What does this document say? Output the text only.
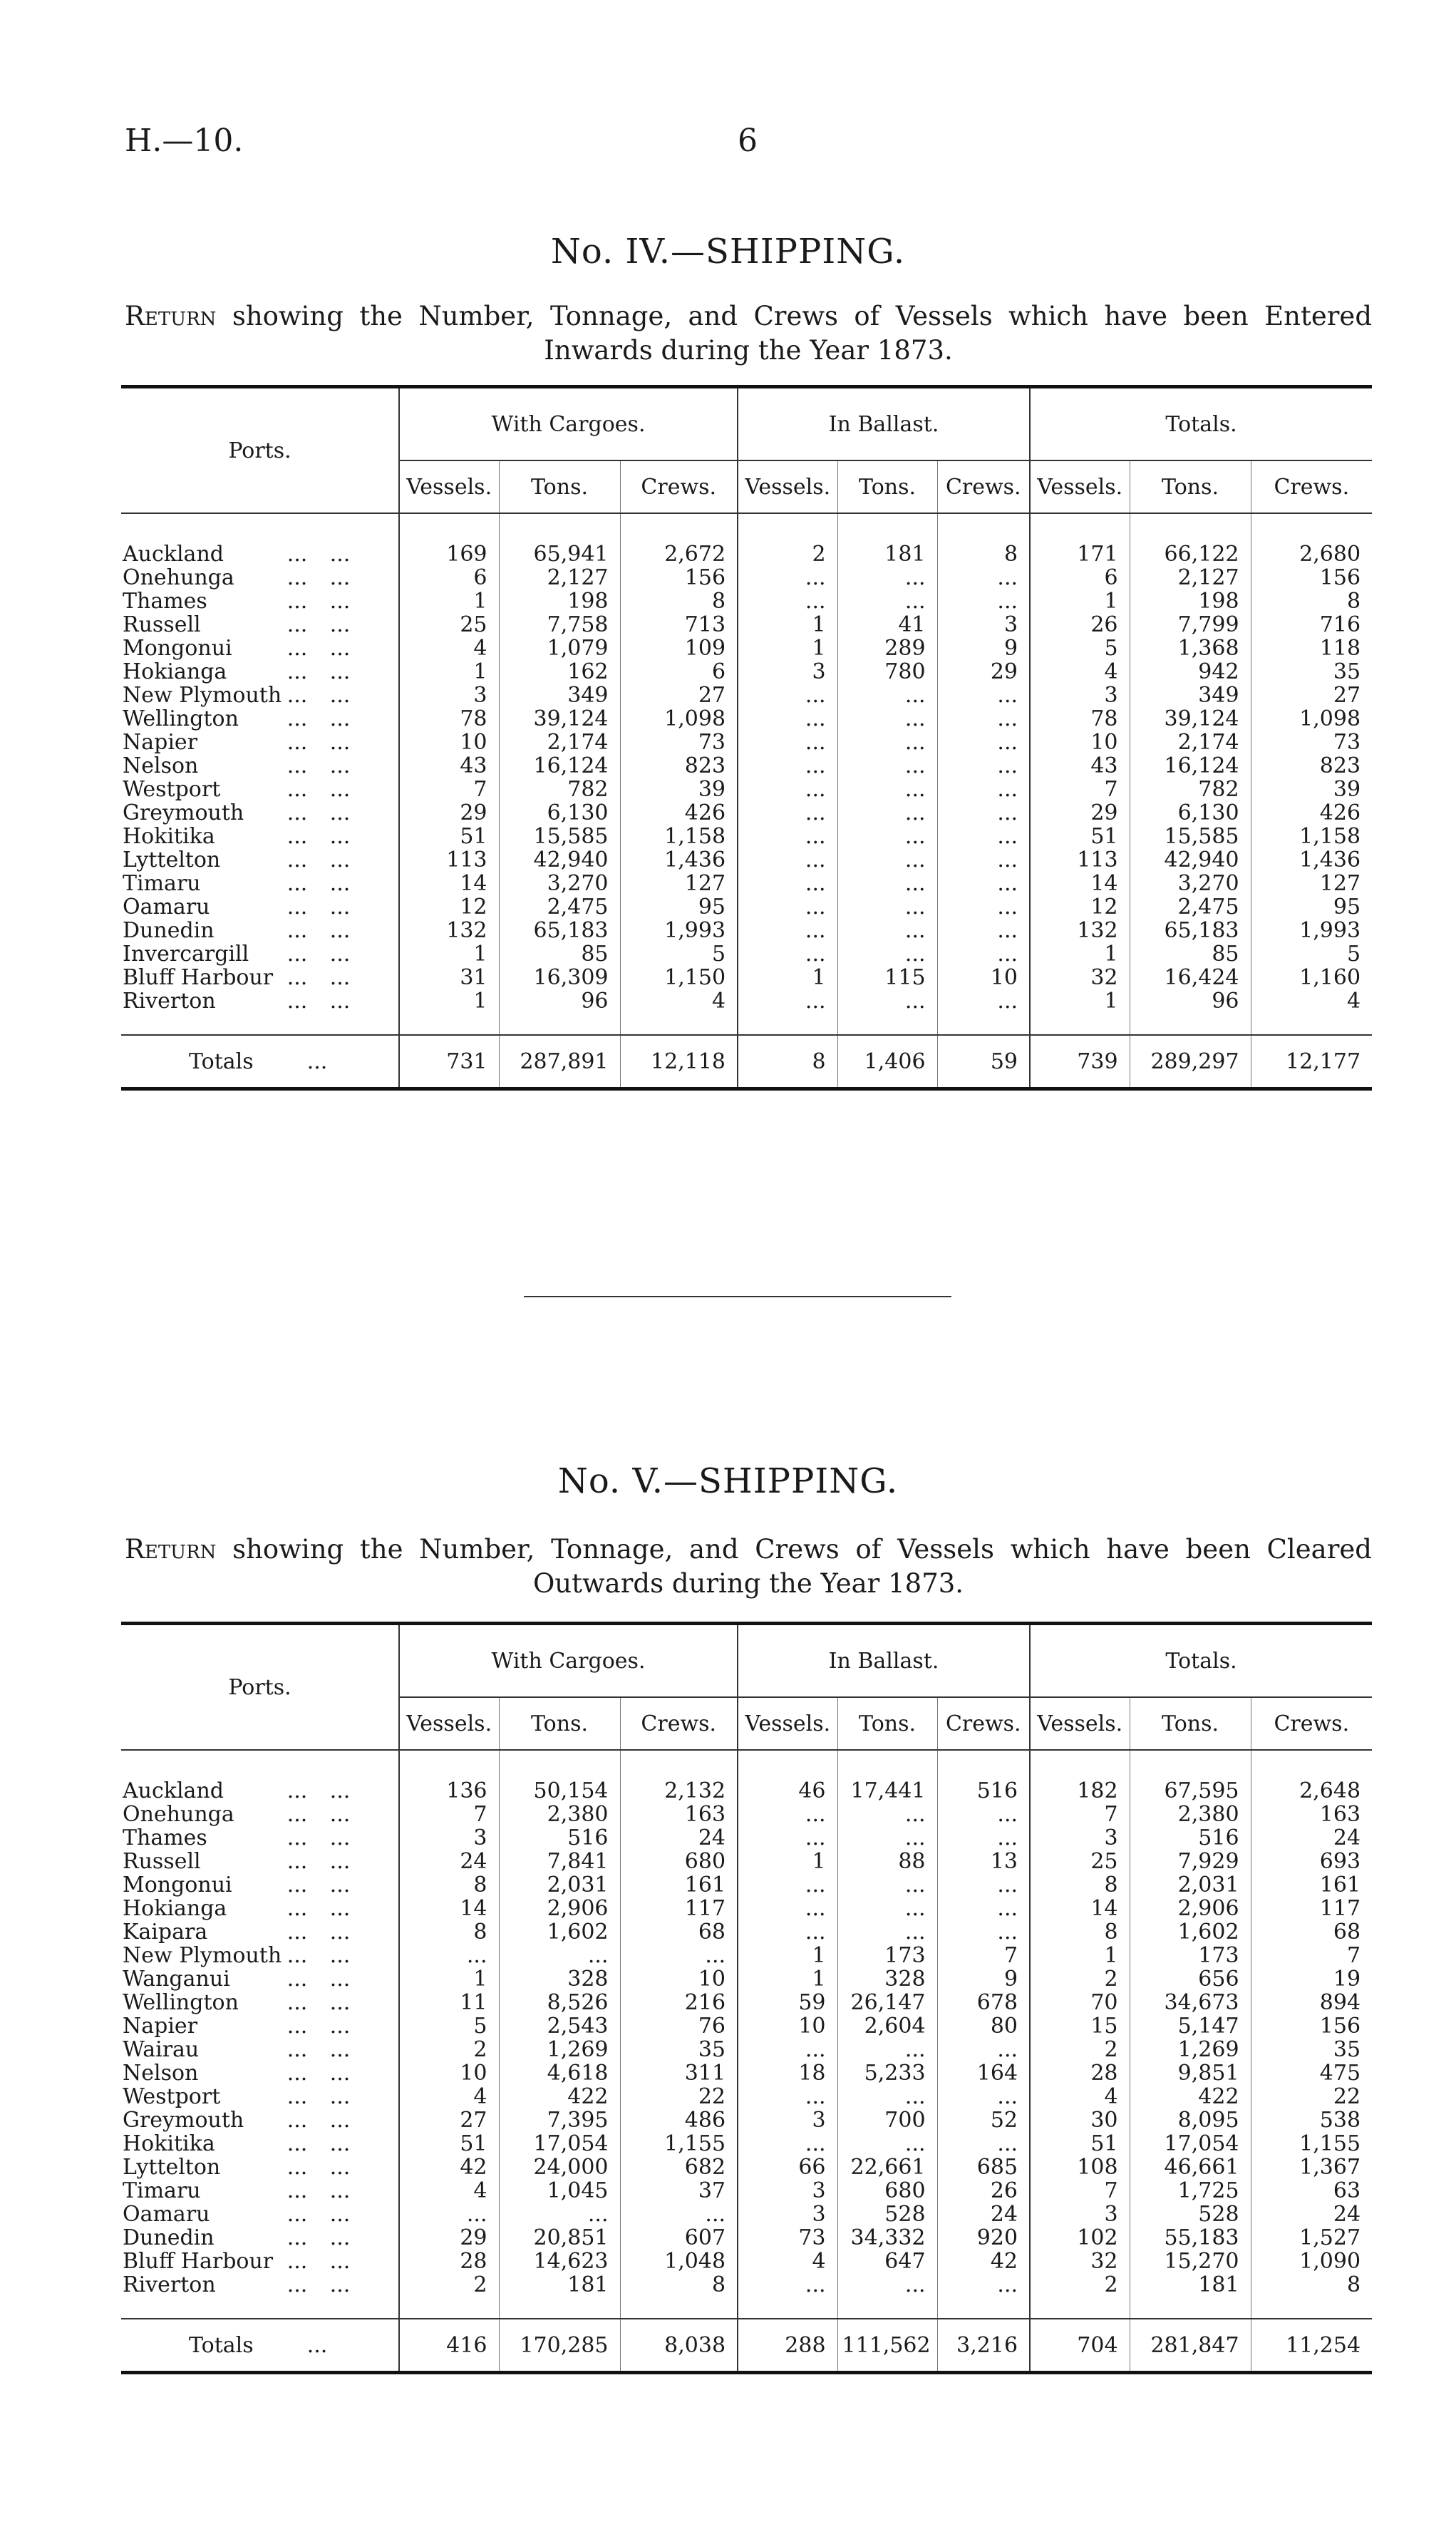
H.—10.	6
No. IV.—SHIPPING.
Return showing the Number, Tonnage, and Crews of Vessels which have been Entered Inwards during the Year 1873.
Ports.	With Cargoes.			In Ballast.			Totals.		
	Vessels.	Tons.	Crews.	Vessels.	Tons.	Crews.	Vessels.	Tons.	Crews.
Auckland ... ...	169	65,941	2,672	2	181	8	171	66,122	2,680
Onehunga ... ...	6	2,127	156	...	...	...	6	2,127	156
Thames ... ...	1	198	8	...	...	...	1	198	8
Russell ... ...	25	7,758	713	1	41	3	26	7,799	716
Mongonui ... ...	4	1,079	109	1	289	9	5	1,368	118
Hokianga ... ...	1	162	6	3	780	29	4	942	35
New Plymouth ... ...	3	349	27	...	...	...	3	349	27
Wellington ... ...	78	39,124	1,098	...	...	...	78	39,124	1,098
Napier ... ...	10	2,174	73	...	...	...	10	2,174	73
Nelson ... ...	43	16,124	823	...	...	...	43	16,124	823
Westport ... ...	7	782	39	...	...	...	7	782	39
Greymouth ... ...	29	6,130	426	...	...	...	29	6,130	426
Hokitika ... ...	51	15,585	1,158	...	...	...	51	15,585	1,158
Lyttelton ... ...	113	42,940	1,436	...	...	...	113	42,940	1,436
Timaru ... ...	14	3,270	127	...	...	...	14	3,270	127
Oamaru ... ...	12	2,475	95	...	...	...	12	2,475	95
Dunedin ... ...	132	65,183	1,993	...	...	...	132	65,183	1,993
Invercargill ... ...	1	85	5	...	...	...	1	85	5
Bluff Harbour ... ...	31	16,309	1,150	1	115	10	32	16,424	1,160
Riverton ... ...	1	96	4	...	...	...	1	96	4
Totals ...	731	287,891	12,118	8	1,406	59	739	289,297	12,177

No. V.—SHIPPING.
Return showing the Number, Tonnage, and Crews of Vessels which have been Cleared Outwards during the Year 1873.
Ports.	With Cargoes.			In Ballast.			Totals.		
	Vessels.	Tons.	Crews.	Vessels.	Tons.	Crews.	Vessels.	Tons.	Crews.
Auckland ... ...	136	50,154	2,132	46	17,441	516	182	67,595	2,648
Onehunga ... ...	7	2,380	163	...	...	...	7	2,380	163
Thames ... ...	3	516	24	...	...	...	3	516	24
Russell ... ...	24	7,841	680	1	88	13	25	7,929	693
Mongonui ... ...	8	2,031	161	...	...	...	8	2,031	161
Hokianga ... ...	14	2,906	117	...	...	...	14	2,906	117
Kaipara ... ...	8	1,602	68	...	...	...	8	1,602	68
New Plymouth ... ...	...	...	...	1	173	7	1	173	7
Wanganui ... ...	1	328	10	1	328	9	2	656	19
Wellington ... ...	11	8,526	216	59	26,147	678	70	34,673	894
Napier ... ...	5	2,543	76	10	2,604	80	15	5,147	156
Wairau ... ...	2	1,269	35	...	...	...	2	1,269	35
Nelson ... ...	10	4,618	311	18	5,233	164	28	9,851	475
Westport ... ...	4	422	22	...	...	...	4	422	22
Greymouth ... ...	27	7,395	486	3	700	52	30	8,095	538
Hokitika ... ...	51	17,054	1,155	...	...	...	51	17,054	1,155
Lyttelton ... ...	42	24,000	682	66	22,661	685	108	46,661	1,367
Timaru ... ...	4	1,045	37	3	680	26	7	1,725	63
Oamaru ... ...	...	...	...	3	528	24	3	528	24
Dunedin ... ...	29	20,851	607	73	34,332	920	102	55,183	1,527
Bluff Harbour ... ...	28	14,623	1,048	4	647	42	32	15,270	1,090
Riverton ... ...	2	181	8	...	...	...	2	181	8
Totals ...	416	170,285	8,038	288	111,562	3,216	704	281,847	11,254
